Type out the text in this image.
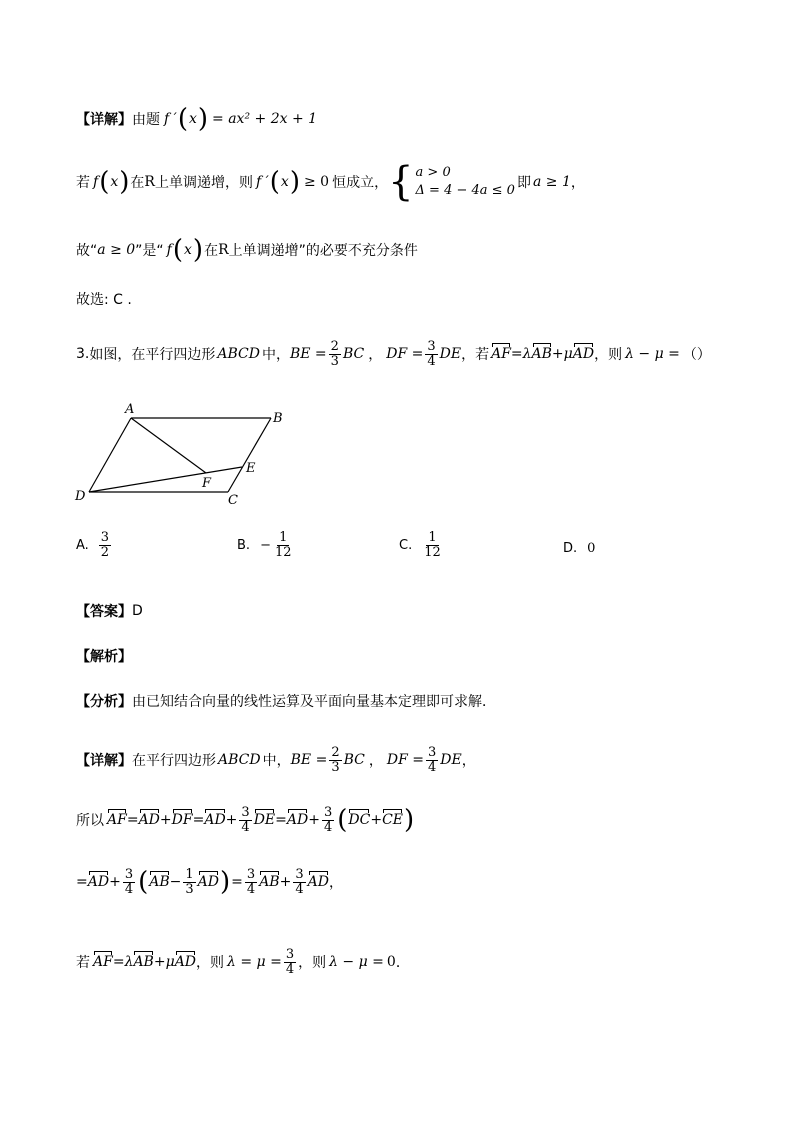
【详解】 由题 f ′ ( x ) = ax² + 2x + 1
若 f ( x ) 在 R 上单调递增，则 f ′ ( x ) ≥ 0 恒成立， { a > 0
Δ = 4 − 4a ≤ 0 即 a ≥ 1 ，
故“ a ≥ 0 ”是“ f ( x ) 在 R 上单调递增”的必要不充分条件
故选: C .
3. 如图，在平行四边形 ABCD 中， BE = $\frac{2}{3}$ BC ， DF = $\frac{3}{4}$ DE ，若 AF = λ AB + μ AD ，则 λ − μ = （）
A
B
C
D
E
F
A. $\frac{3}{2}$	B. − $\frac{1}{12}$	C. $\frac{1}{12}$	D. 0
【答案】 D
【解析】
【分析】 由已知结合向量的线性运算及平面向量基本定理即可求解．
【详解】 在平行四边形 ABCD 中， BE = $\frac{2}{3}$ BC ， DF = $\frac{3}{4}$ DE ，
所以 AF = AD + DF = AD + $\frac{3}{4}$ DE = AD + $\frac{3}{4}$ ( DC + CE )
= AD + $\frac{3}{4}$ ( AB − $\frac{1}{3}$ AD ) = $\frac{3}{4}$ AB + $\frac{3}{4}$ AD ，
若 AF = λ AB + μ AD ，则 $\lambda = \mu = \frac{3}{4}$ ，则 λ − μ = 0 ．
